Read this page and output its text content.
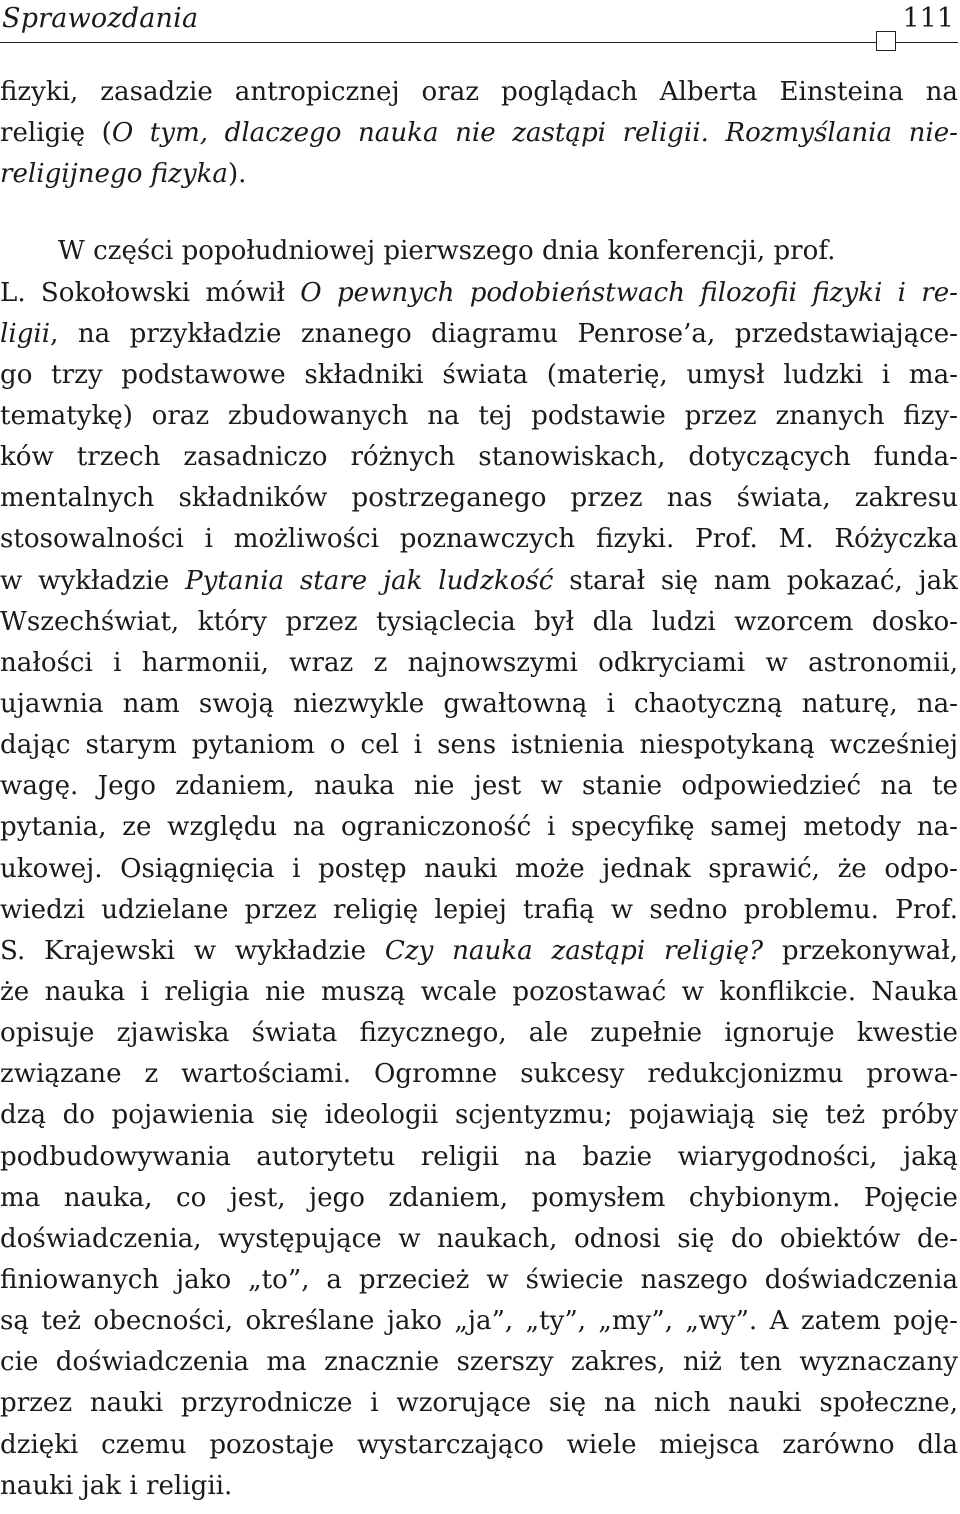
Sprawozdania	111
fizyki, zasadzie antropicznej oraz poglądach Alberta Einsteina na
religię (O tym, dlaczego nauka nie zastąpi religii. Rozmyślania nie-
religijnego fizyka).
W części popołudniowej pierwszego dnia konferencji, prof.
L. Sokołowski mówił O pewnych podobieństwach filozofii fizyki i re-
ligii, na przykładzie znanego diagramu Penrose’a, przedstawiające-
go trzy podstawowe składniki świata (materię, umysł ludzki i ma-
tematykę) oraz zbudowanych na tej podstawie przez znanych fizy-
ków trzech zasadniczo różnych stanowiskach, dotyczących funda-
mentalnych składników postrzeganego przez nas świata, zakresu
stosowalności i możliwości poznawczych fizyki. Prof. M. Różyczka
w wykładzie Pytania stare jak ludzkość starał się nam pokazać, jak
Wszechświat, który przez tysiąclecia był dla ludzi wzorcem dosko-
nałości i harmonii, wraz z najnowszymi odkryciami w astronomii,
ujawnia nam swoją niezwykle gwałtowną i chaotyczną naturę, na-
dając starym pytaniom o cel i sens istnienia niespotykaną wcześniej
wagę. Jego zdaniem, nauka nie jest w stanie odpowiedzieć na te
pytania, ze względu na ograniczoność i specyfikę samej metody na-
ukowej. Osiągnięcia i postęp nauki może jednak sprawić, że odpo-
wiedzi udzielane przez religię lepiej trafią w sedno problemu. Prof.
S. Krajewski w wykładzie Czy nauka zastąpi religię? przekonywał,
że nauka i religia nie muszą wcale pozostawać w konflikcie. Nauka
opisuje zjawiska świata fizycznego, ale zupełnie ignoruje kwestie
związane z wartościami. Ogromne sukcesy redukcjonizmu prowa-
dzą do pojawienia się ideologii scjentyzmu; pojawiają się też próby
podbudowywania autorytetu religii na bazie wiarygodności, jaką
ma nauka, co jest, jego zdaniem, pomysłem chybionym. Pojęcie
doświadczenia, występujące w naukach, odnosi się do obiektów de-
finiowanych jako „to”, a przecież w świecie naszego doświadczenia
są też obecności, określane jako „ja”, „ty”, „my”, „wy”. A zatem poję-
cie doświadczenia ma znacznie szerszy zakres, niż ten wyznaczany
przez nauki przyrodnicze i wzorujące się na nich nauki społeczne,
dzięki czemu pozostaje wystarczająco wiele miejsca zarówno dla
nauki jak i religii.
